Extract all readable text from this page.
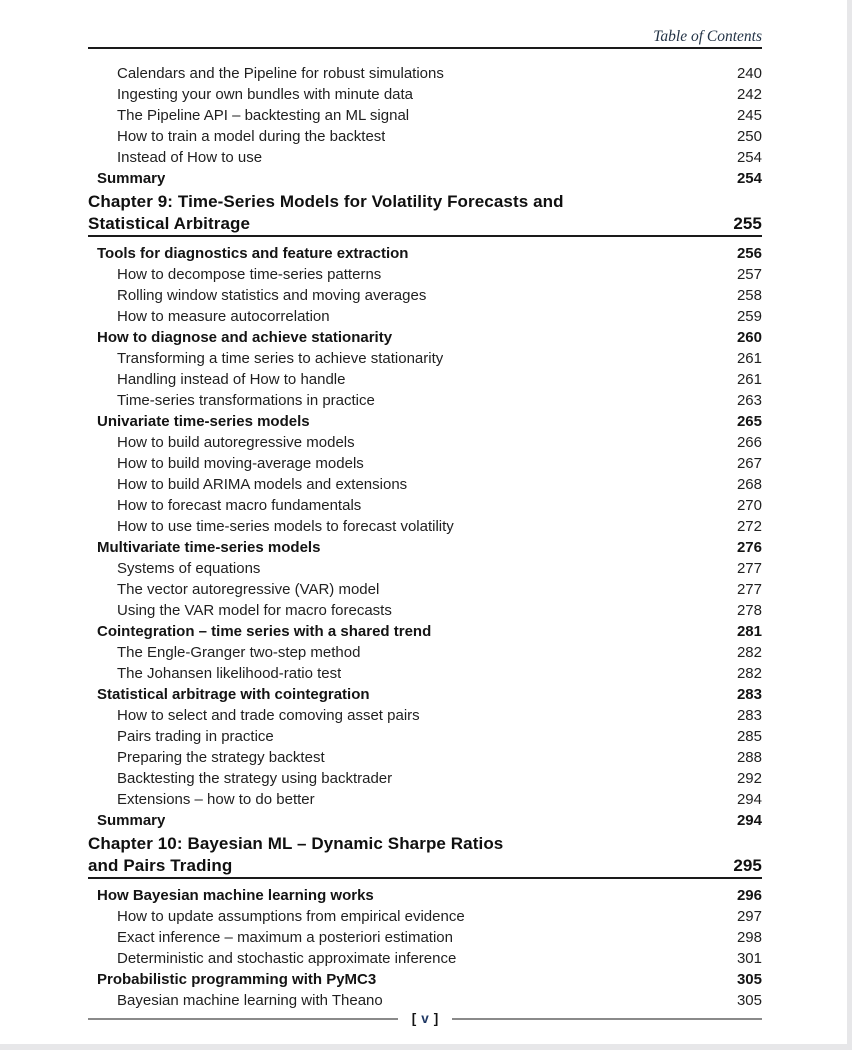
Table of Contents
Calendars and the Pipeline for robust simulations	240
Ingesting your own bundles with minute data	242
The Pipeline API – backtesting an ML signal	245
How to train a model during the backtest	250
Instead of How to use	254
Summary	254
Chapter 9: Time-Series Models for Volatility Forecasts and
Statistical Arbitrage	255
Tools for diagnostics and feature extraction	256
How to decompose time-series patterns	257
Rolling window statistics and moving averages	258
How to measure autocorrelation	259
How to diagnose and achieve stationarity	260
Transforming a time series to achieve stationarity	261
Handling instead of How to handle	261
Time-series transformations in practice	263
Univariate time-series models	265
How to build autoregressive models	266
How to build moving-average models	267
How to build ARIMA models and extensions	268
How to forecast macro fundamentals	270
How to use time-series models to forecast volatility	272
Multivariate time-series models	276
Systems of equations	277
The vector autoregressive (VAR) model	277
Using the VAR model for macro forecasts	278
Cointegration – time series with a shared trend	281
The Engle-Granger two-step method	282
The Johansen likelihood-ratio test	282
Statistical arbitrage with cointegration	283
How to select and trade comoving asset pairs	283
Pairs trading in practice	285
Preparing the strategy backtest	288
Backtesting the strategy using backtrader	292
Extensions – how to do better	294
Summary	294
Chapter 10: Bayesian ML – Dynamic Sharpe Ratios
and Pairs Trading	295
How Bayesian machine learning works	296
How to update assumptions from empirical evidence	297
Exact inference – maximum a posteriori estimation	298
Deterministic and stochastic approximate inference	301
Probabilistic programming with PyMC3	305
Bayesian machine learning with Theano	305
[ v ]
